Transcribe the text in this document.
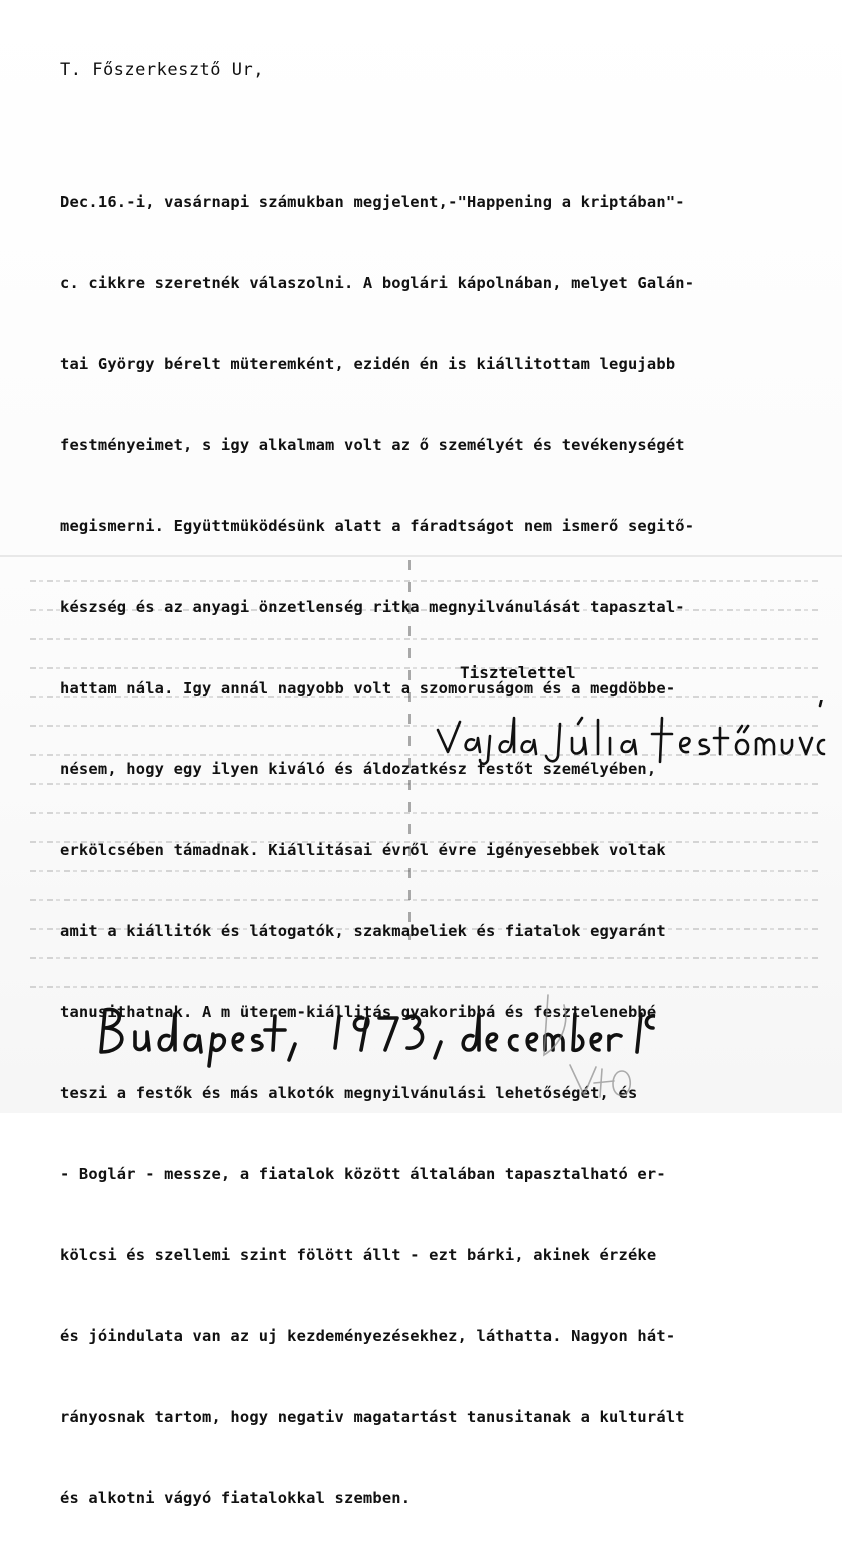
T. Főszerkesztő Ur,

Dec.16.-i, vasárnapi számukban megjelent,-"Happening a kriptában"-

c. cikkre szeretnék válaszolni. A boglári kápolnában, melyet Galán-

tai György bérelt müteremként, ezidén én is kiállitottam legujabb

festményeimet, s igy alkalmam volt az ő személyét és tevékenységét

megismerni. Együttmüködésünk alatt a fáradtságot nem ismerő segitő-

készség és az anyagi önzetlenség ritka megnyilvánulását tapasztal-

hattam nála. Igy annál nagyobb volt a szomoruságom és a megdöbbe-

nésem, hogy egy ilyen kiváló és áldozatkész festőt személyében,

erkölcsében támadnak. Kiállitásai évről évre igényesebbek voltak

amit a kiállitók és látogatók, szakmabeliek és fiatalok egyaránt

tanusithatnak. A m üterem-kiállitás gyakoribbá és fesztelenebbé

teszi a festők és más alkotók megnyilvánulási lehetőségét, és

- Boglár - messze, a fiatalok között általában tapasztalható er-

kölcsi és szellemi szint fölött állt - ezt bárki, akinek érzéke

és jóindulata van az uj kezdeményezésekhez, láthatta. Nagyon hát-

rányosnak tartom, hogy negativ magatartást tanusitanak a kulturált

és alkotni vágyó fiatalokkal szemben.

Tisztelettel
